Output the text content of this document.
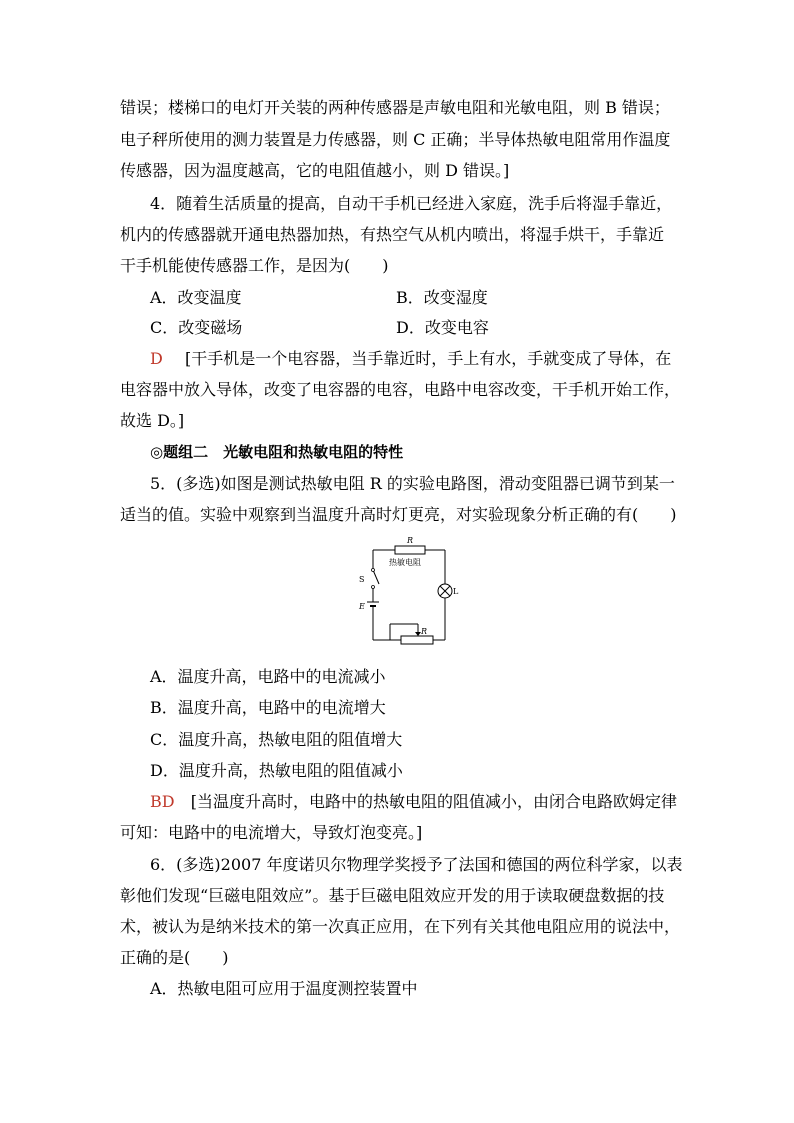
错误；楼梯口的电灯开关装的两种传感器是声敏电阻和光敏电阻，则 B 错误；
电子秤所使用的测力装置是力传感器，则 C 正确；半导体热敏电阻常用作温度
传感器，因为温度越高，它的电阻值越小，则 D 错误。]
4．随着生活质量的提高，自动干手机已经进入家庭，洗手后将湿手靠近，
机内的传感器就开通电热器加热，有热空气从机内喷出，将湿手烘干，手靠近
干手机能使传感器工作，是因为(　　)
A．改变温度	B．改变湿度
C．改变磁场	D．改变电容
D [干手机是一个电容器，当手靠近时，手上有水，手就变成了导体，在
电容器中放入导体，改变了电容器的电容，电路中电容改变，干手机开始工作，
故选 D。]
◎题组二　光敏电阻和热敏电阻的特性
5．(多选)如图是测试热敏电阻 R 的实验电路图，滑动变阻器已调节到某一
适当的值。实验中观察到当温度升高时灯更亮，对实验现象分析正确的有(　　)
R
热敏电阻
S
E
L
R
A．温度升高，电路中的电流减小
B．温度升高，电路中的电流增大
C．温度升高，热敏电阻的阻值增大
D．温度升高，热敏电阻的阻值减小
BD [当温度升高时，电路中的热敏电阻的阻值减小，由闭合电路欧姆定律
可知：电路中的电流增大，导致灯泡变亮。]
6．(多选)2007 年度诺贝尔物理学奖授予了法国和德国的两位科学家，以表
彰他们发现“巨磁电阻效应”。基于巨磁电阻效应开发的用于读取硬盘数据的技
术，被认为是纳米技术的第一次真正应用，在下列有关其他电阻应用的说法中，
正确的是(　　)
A．热敏电阻可应用于温度测控装置中
